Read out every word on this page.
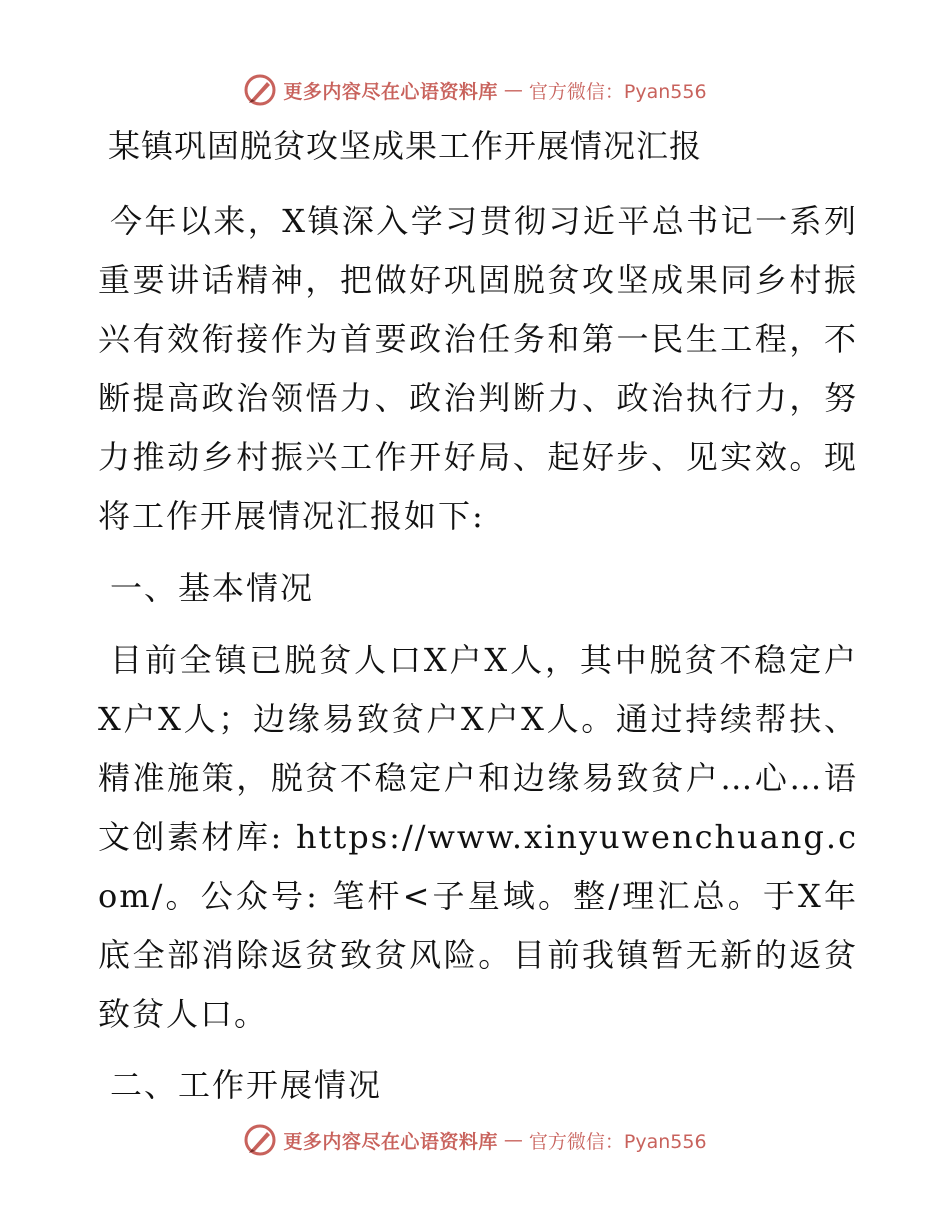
更多内容尽在心语资料库 — 官方微信：Pyan556
某镇巩固脱贫攻坚成果工作开展情况汇报

今年以来，X镇深入学习贯彻习近平总书记一系列重要讲话精神，把做好巩固脱贫攻坚成果同乡村振兴有效衔接作为首要政治任务和第一民生工程，不断提高政治领悟力、政治判断力、政治执行力，努力推动乡村振兴工作开好局、起好步、见实效。现将工作开展情况汇报如下:

一、基本情况

目前全镇已脱贫人口X户X人，其中脱贫不稳定户X户X人；边缘易致贫户X户X人。通过持续帮扶、精准施策，脱贫不稳定户和边缘易致贫户…心…语文创素材库: https://www.xinyuwenchuang.com/。公众号: 笔杆<子星域。整/理汇总。于X年底全部消除返贫致贫风险。目前我镇暂无新的返贫致贫人口。

二、工作开展情况
更多内容尽在心语资料库 — 官方微信：Pyan556
